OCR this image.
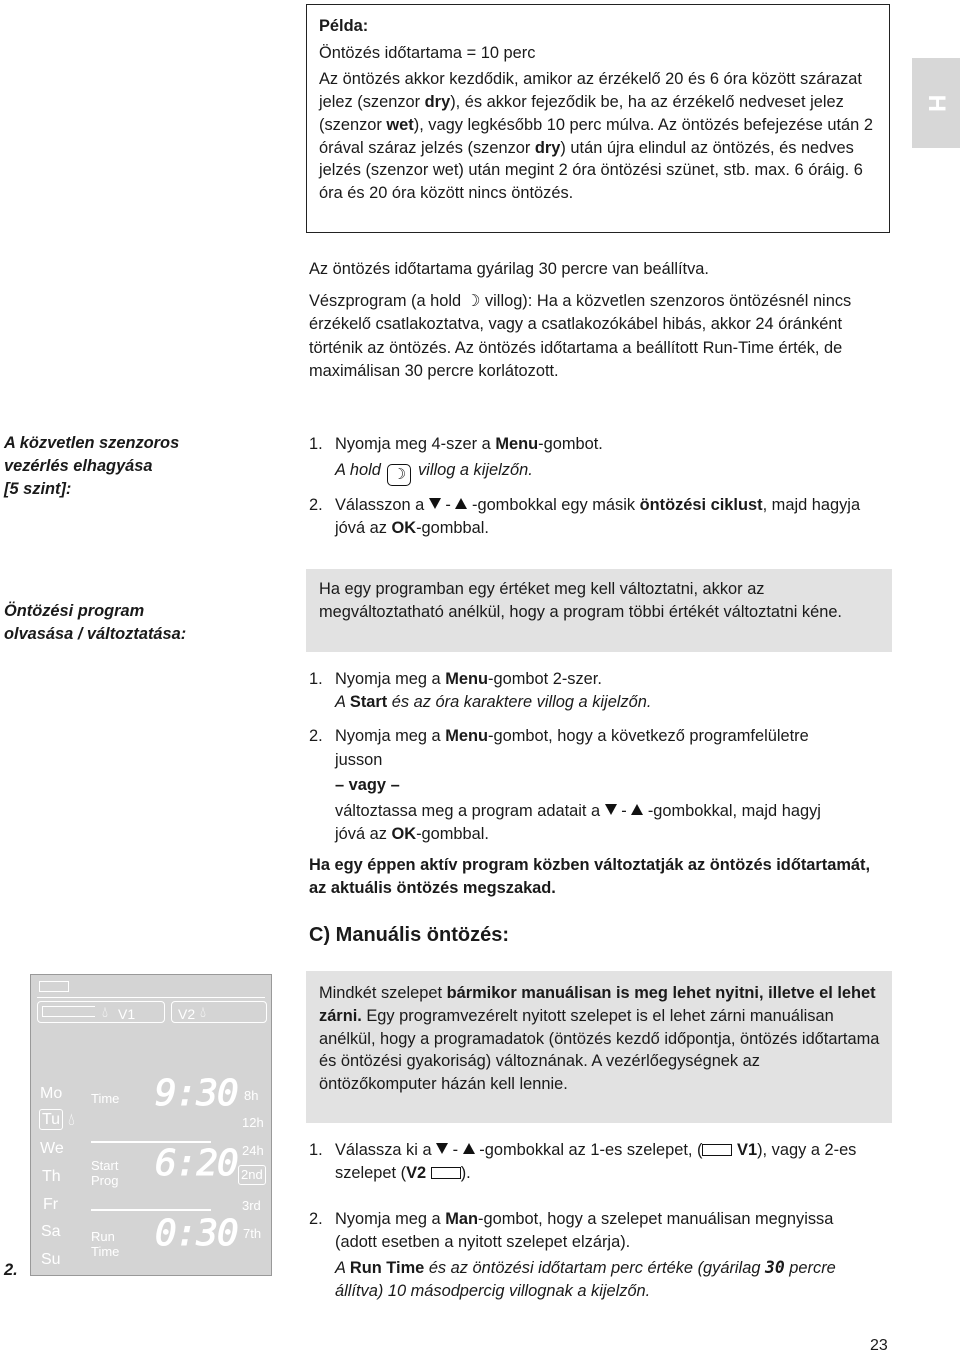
Példa:

Öntözés időtartama = 10 perc

Az öntözés akkor kezdődik, amikor az érzékelő 20 és 6 óra között szárazat jelez (szenzor dry), és akkor fejeződik be, ha az érzékelő nedveset jelez (szenzor wet), vagy legkésőbb 10 perc múlva. Az öntözés befejezése után 2 órával száraz jelzés (szenzor dry) után újra elindul az öntözés, és nedves jelzés (szenzor wet) után megint 2 óra öntözési szünet, stb. max. 6 óráig. 6 óra és 20 óra között nincs öntözés.

H

Az öntözés időtartama gyárilag 30 percre van beállítva.

Vészprogram (a hold ☽ villog): Ha a közvetlen szenzoros öntözésnél nincs érzékelő csatlakoztatva, vagy a csatlakozókábel hibás, akkor 24 óránként történik az öntözés. Az öntözés időtartama a beállított Run-Time érték, de maximálisan 30 percre korlátozott.

A közvetlen szenzoros
vezérlés elhagyása
[5 szint]:
1. Nyomja meg 4-szer a Menu-gombot.
A hold ☽ villog a kijelzőn.
2. Válasszon a  -  -gombokkal egy másik öntözési ciklust, majd hagyja jóvá az OK-gombbal.
Öntözési program
olvasása / változtatása:

Ha egy programban egy értéket meg kell változtatni, akkor az megváltoztatható anélkül, hogy a program többi értékét változtatni kéne.

1. Nyomja meg a Menu-gombot 2-szer.
A Start és az óra karaktere villog a kijelzőn.
2. Nyomja meg a Menu-gombot, hogy a következő programfelületre jusson
– vagy –
változtassa meg a program adatait a  -  -gombokkal, majd hagyj jóvá az OK-gombbal.

Ha egy éppen aktív program közben változtatják az öntözés időtartamát, az aktuális öntözés megszakad.

C) Manuális öntözés:

Mindkét szelepet bármikor manuálisan is meg lehet nyitni, illetve el lehet zárni. Egy programvezérelt nyitott szelepet is el lehet zárni manuálisan anélkül, hogy a programadatok (öntözés kezdő időpontja, öntözés időtartama és öntözési gyakoriság) változnának. A vezérlőegységnek az öntözőkomputer házán kell lennie.

1. Válassza ki a  -  -gombokkal az 1-es szelepet, ( V1), vagy a 2-es szelepet (V2 ).
2. Nyomja meg a Man-gombot, hogy a szelepet manuálisan megnyissa (adott esetben a nyitott szelepet elzárja).
A Run Time és az öntözési időtartam perc értéke (gyárilag 30 percre állítva) 10 másodpercig villognak a kijelzőn.
2.
💧︎ V1	V2 💧︎
Mo
Tu 💧︎
We
Th
Fr
Sa
Su
Time
Start
Prog
Run
Time
9:30
6:20
0:30
8h
12h
24h
2nd
3rd
7th
23
